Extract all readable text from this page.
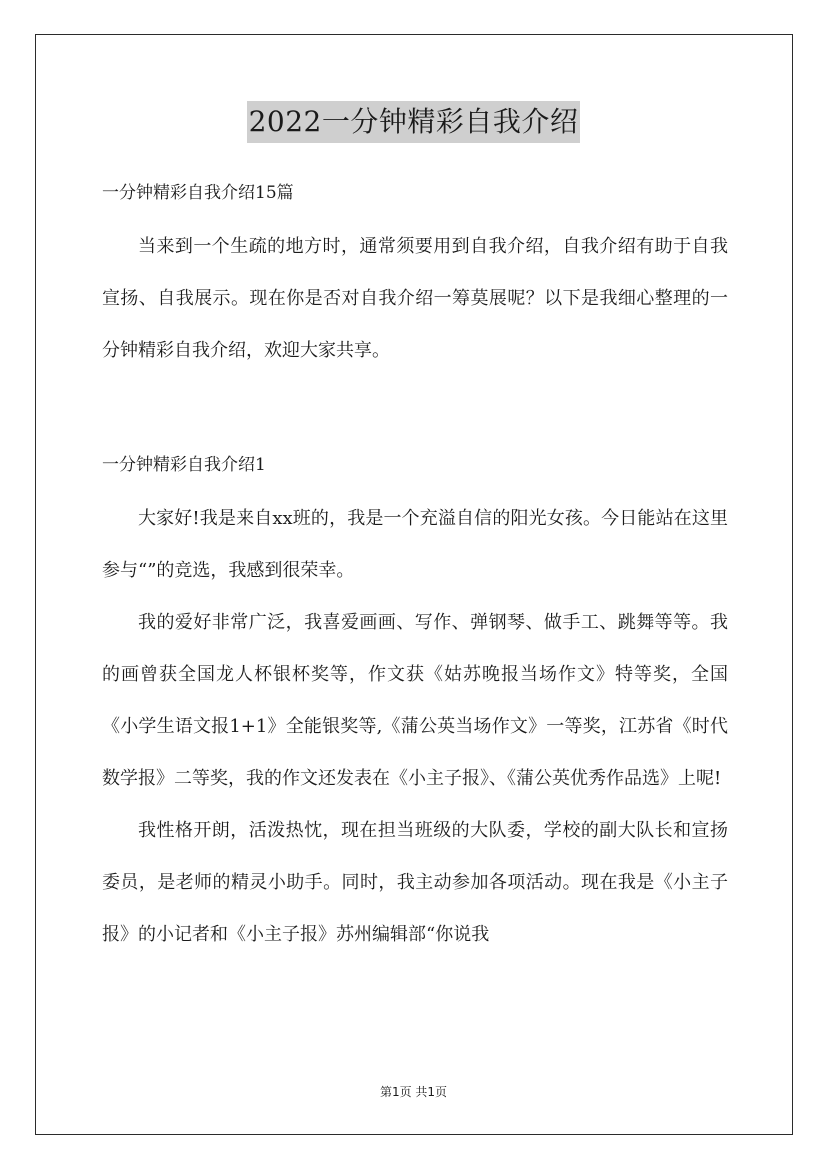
2022一分钟精彩自我介绍
一分钟精彩自我介绍15篇

当来到一个生疏的地方时，通常须要用到自我介绍，自我介绍有助于自我宣扬、自我展示。现在你是否对自我介绍一筹莫展呢？以下是我细心整理的一分钟精彩自我介绍，欢迎大家共享。

一分钟精彩自我介绍1

大家好!我是来自xx班的，我是一个充溢自信的阳光女孩。今日能站在这里参与“”的竞选，我感到很荣幸。

我的爱好非常广泛，我喜爱画画、写作、弹钢琴、做手工、跳舞等等。我的画曾获全国龙人杯银杯奖等，作文获《姑苏晚报当场作文》特等奖，全国《小学生语文报1+1》全能银奖等,《蒲公英当场作文》一等奖，江苏省《时代数学报》二等奖，我的作文还发表在《小主子报》、《蒲公英优秀作品选》上呢!

我性格开朗，活泼热忱，现在担当班级的大队委，学校的副大队长和宣扬委员，是老师的精灵小助手。同时，我主动参加各项活动。现在我是《小主子报》的小记者和《小主子报》苏州编辑部“你说我

第1页 共1页
